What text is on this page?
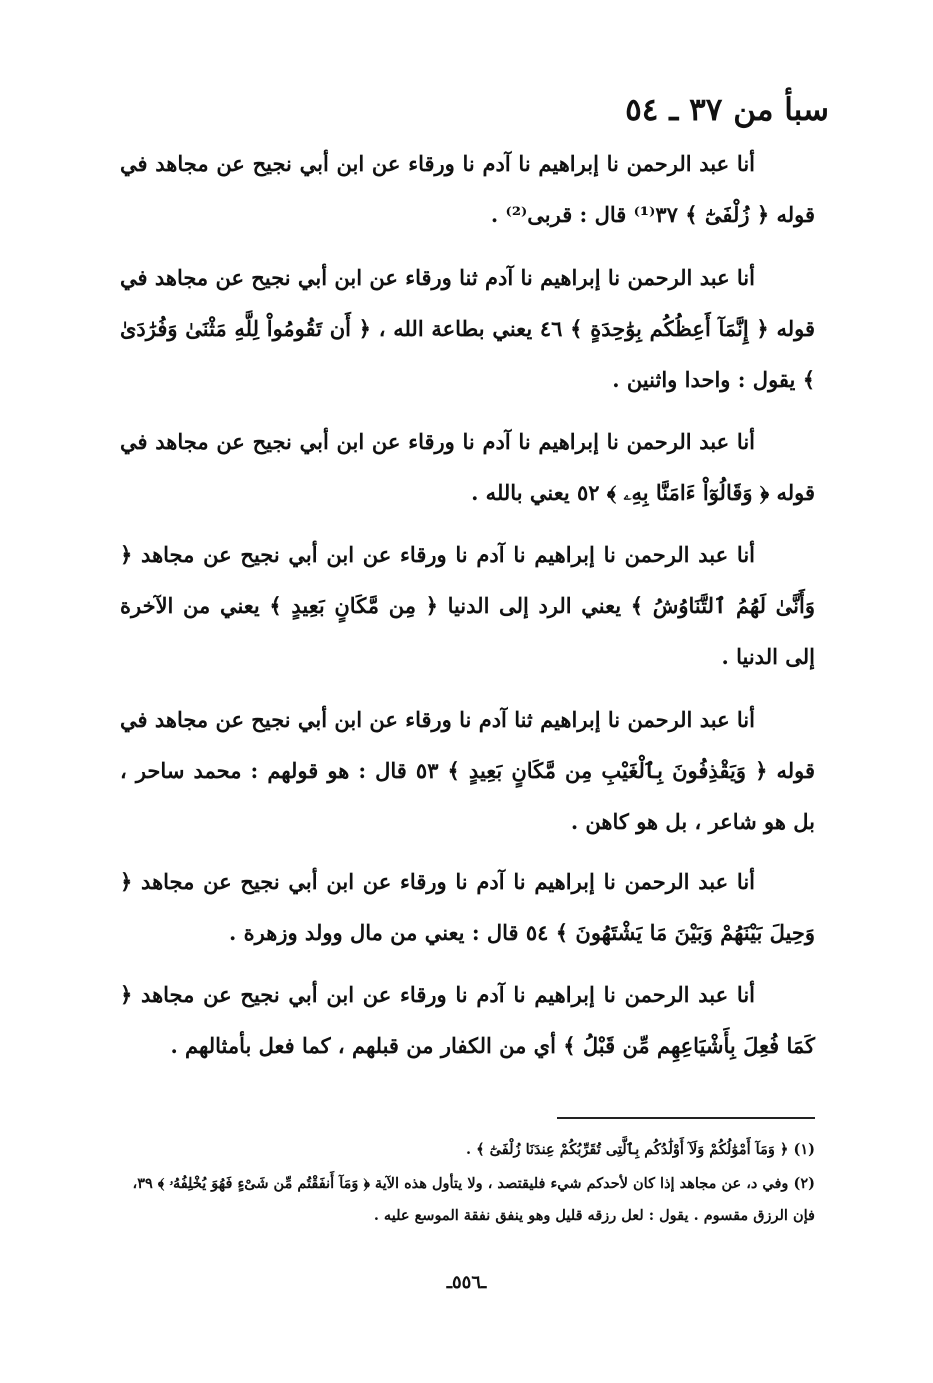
سبأ من ٣٧ ـ ٥٤
أنا عبد الرحمن نا إبراهيم نا آدم نا ورقاء عن ابن أبي نجيح عن مجاهد في قوله ﴿ زُلْفَىٰٓ ﴾ ٣٧⁽¹⁾ قال : قربى⁽²⁾ .
أنا عبد الرحمن نا إبراهيم نا آدم ثنا ورقاء عن ابن أبي نجيح عن مجاهد في قوله ﴿ إِنَّمَآ أَعِظُكُم بِوَٰحِدَةٍ ﴾ ٤٦ يعني بطاعة الله ، ﴿ أَن تَقُومُواْ لِلَّهِ مَثْنَىٰ وَفُرَٰدَىٰ ﴾ يقول : واحدا واثنين .
أنا عبد الرحمن نا إبراهيم نا آدم نا ورقاء عن ابن أبي نجيح عن مجاهد في قوله ﴿ وَقَالُوٓاْ ءَامَنَّا بِهِۦ ﴾ ٥٢ يعني بالله .
أنا عبد الرحمن نا إبراهيم نا آدم نا ورقاء عن ابن أبي نجيح عن مجاهد ﴿ وَأَنَّىٰ لَهُمُ ٱلتَّنَاوُشُ ﴾ يعني الرد إلى الدنيا ﴿ مِن مَّكَانٍ بَعِيدٍ ﴾ يعني من الآخرة إلى الدنيا .
أنا عبد الرحمن نا إبراهيم ثنا آدم نا ورقاء عن ابن أبي نجيح عن مجاهد في قوله ﴿ وَيَقْذِفُونَ بِٱلْغَيْبِ مِن مَّكَانٍ بَعِيدٍ ﴾ ٥٣ قال : هو قولهم : محمد ساحر ، بل هو شاعر ، بل هو كاهن .
أنا عبد الرحمن نا إبراهيم نا آدم نا ورقاء عن ابن أبي نجيح عن مجاهد ﴿ وَحِيلَ بَيْنَهُمْ وَبَيْنَ مَا يَشْتَهُونَ ﴾ ٥٤ قال : يعني من مال وولد وزهرة .
أنا عبد الرحمن نا إبراهيم نا آدم نا ورقاء عن ابن أبي نجيح عن مجاهد ﴿ كَمَا فُعِلَ بِأَشْيَاعِهِم مِّن قَبْلُ ﴾ أي من الكفار من قبلهم ، كما فعل بأمثالهم .
(١) ﴿ وَمَآ أَمْوَٰلُكُمْ وَلَآ أَوْلَٰدُكُم بِٱلَّتِى تُقَرِّبُكُمْ عِندَنَا زُلْفَىٰٓ ﴾ .
(٢) وفي د، عن مجاهد إذا كان لأحدكم شيء فليقتصد ، ولا يتأول هذه الآية ﴿ وَمَآ أَنفَقْتُم مِّن شَىْءٍ فَهُوَ يُخْلِفُهُۥ ﴾ ٣٩، فإن الرزق مقسوم . يقول : لعل رزقه قليل وهو ينفق نفقة الموسع عليه .
ـ٥٥٦ـ
